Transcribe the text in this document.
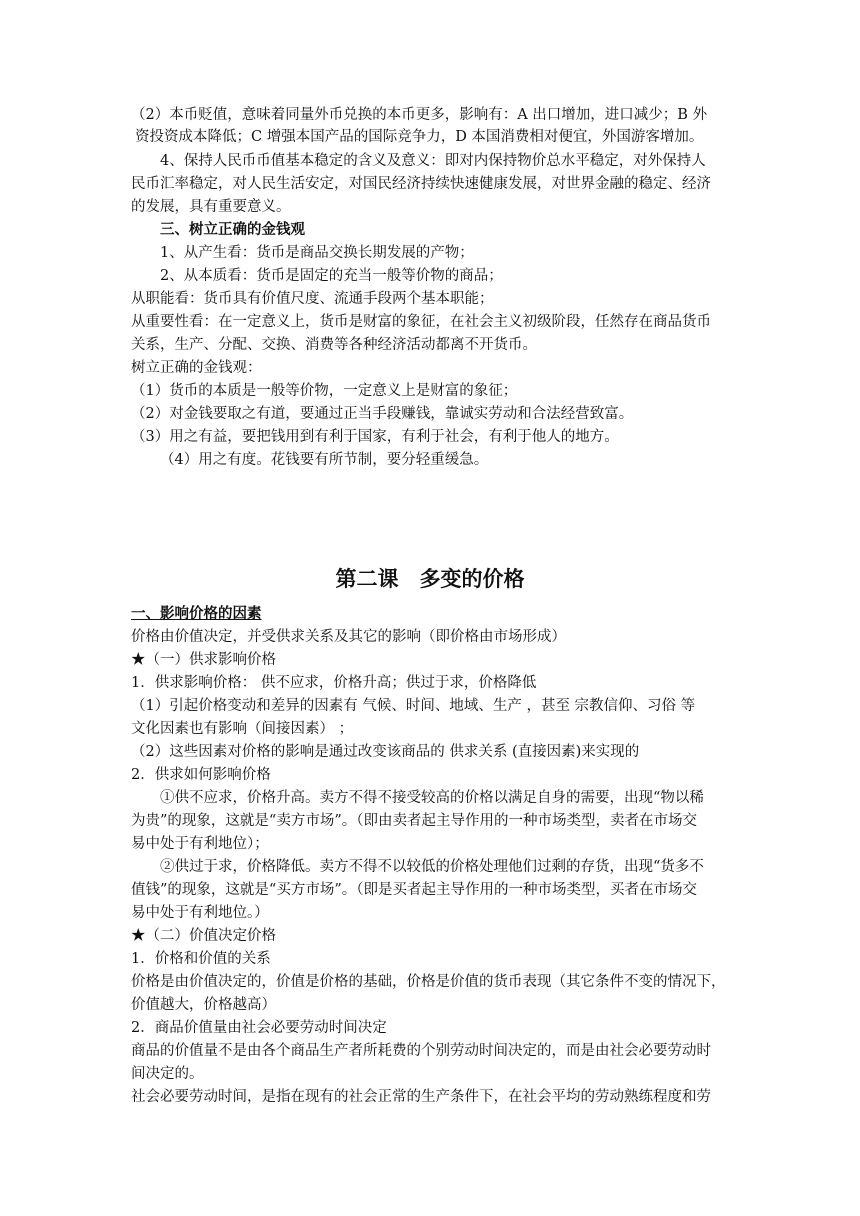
（2）本币贬值，意味着同量外币兑换的本币更多，影响有：A 出口增加，进口减少；B 外
资投资成本降低；C 增强本国产品的国际竞争力，D 本国消费相对便宜，外国游客增加。
4、保持人民币币值基本稳定的含义及意义：即对内保持物价总水平稳定，对外保持人
民币汇率稳定，对人民生活安定，对国民经济持续快速健康发展，对世界金融的稳定、经济
的发展，具有重要意义。
三、树立正确的金钱观
1、从产生看：货币是商品交换长期发展的产物；
2、从本质看：货币是固定的充当一般等价物的商品；
从职能看：货币具有价值尺度、流通手段两个基本职能；
从重要性看：在一定意义上，货币是财富的象征，在社会主义初级阶段，任然存在商品货币
关系，生产、分配、交换、消费等各种经济活动都离不开货币。
树立正确的金钱观：
（1）货币的本质是一般等价物，一定意义上是财富的象征；
（2）对金钱要取之有道，要通过正当手段赚钱，靠诚实劳动和合法经营致富。
（3）用之有益，要把钱用到有利于国家，有利于社会，有利于他人的地方。
（4）用之有度。花钱要有所节制，要分轻重缓急。
第二课　多变的价格
一、影响价格的因素
价格由价值决定，并受供求关系及其它的影响（即价格由市场形成）
★（一）供求影响价格
1．供求影响价格： 供不应求，价格升高；供过于求，价格降低
（1）引起价格变动和差异的因素有 气候、时间、地域、生产 ，甚至 宗教信仰、习俗 等
文化因素也有影响（间接因素） ；
（2）这些因素对价格的影响是通过改变该商品的 供求关系 (直接因素)来实现的
2．供求如何影响价格
①供不应求，价格升高。卖方不得不接受较高的价格以满足自身的需要，出现“物以稀
为贵”的现象，这就是“卖方市场”。（即由卖者起主导作用的一种市场类型，卖者在市场交
易中处于有利地位）；
②供过于求，价格降低。卖方不得不以较低的价格处理他们过剩的存货，出现“货多不
值钱”的现象，这就是“买方市场”。（即是买者起主导作用的一种市场类型，买者在市场交
易中处于有利地位。）
★（二）价值决定价格
1．价格和价值的关系
价格是由价值决定的，价值是价格的基础，价格是价值的货币表现（其它条件不变的情况下，
价值越大，价格越高）
2．商品价值量由社会必要劳动时间决定
商品的价值量不是由各个商品生产者所耗费的个别劳动时间决定的，而是由社会必要劳动时
间决定的。
社会必要劳动时间，是指在现有的社会正常的生产条件下，在社会平均的劳动熟练程度和劳
